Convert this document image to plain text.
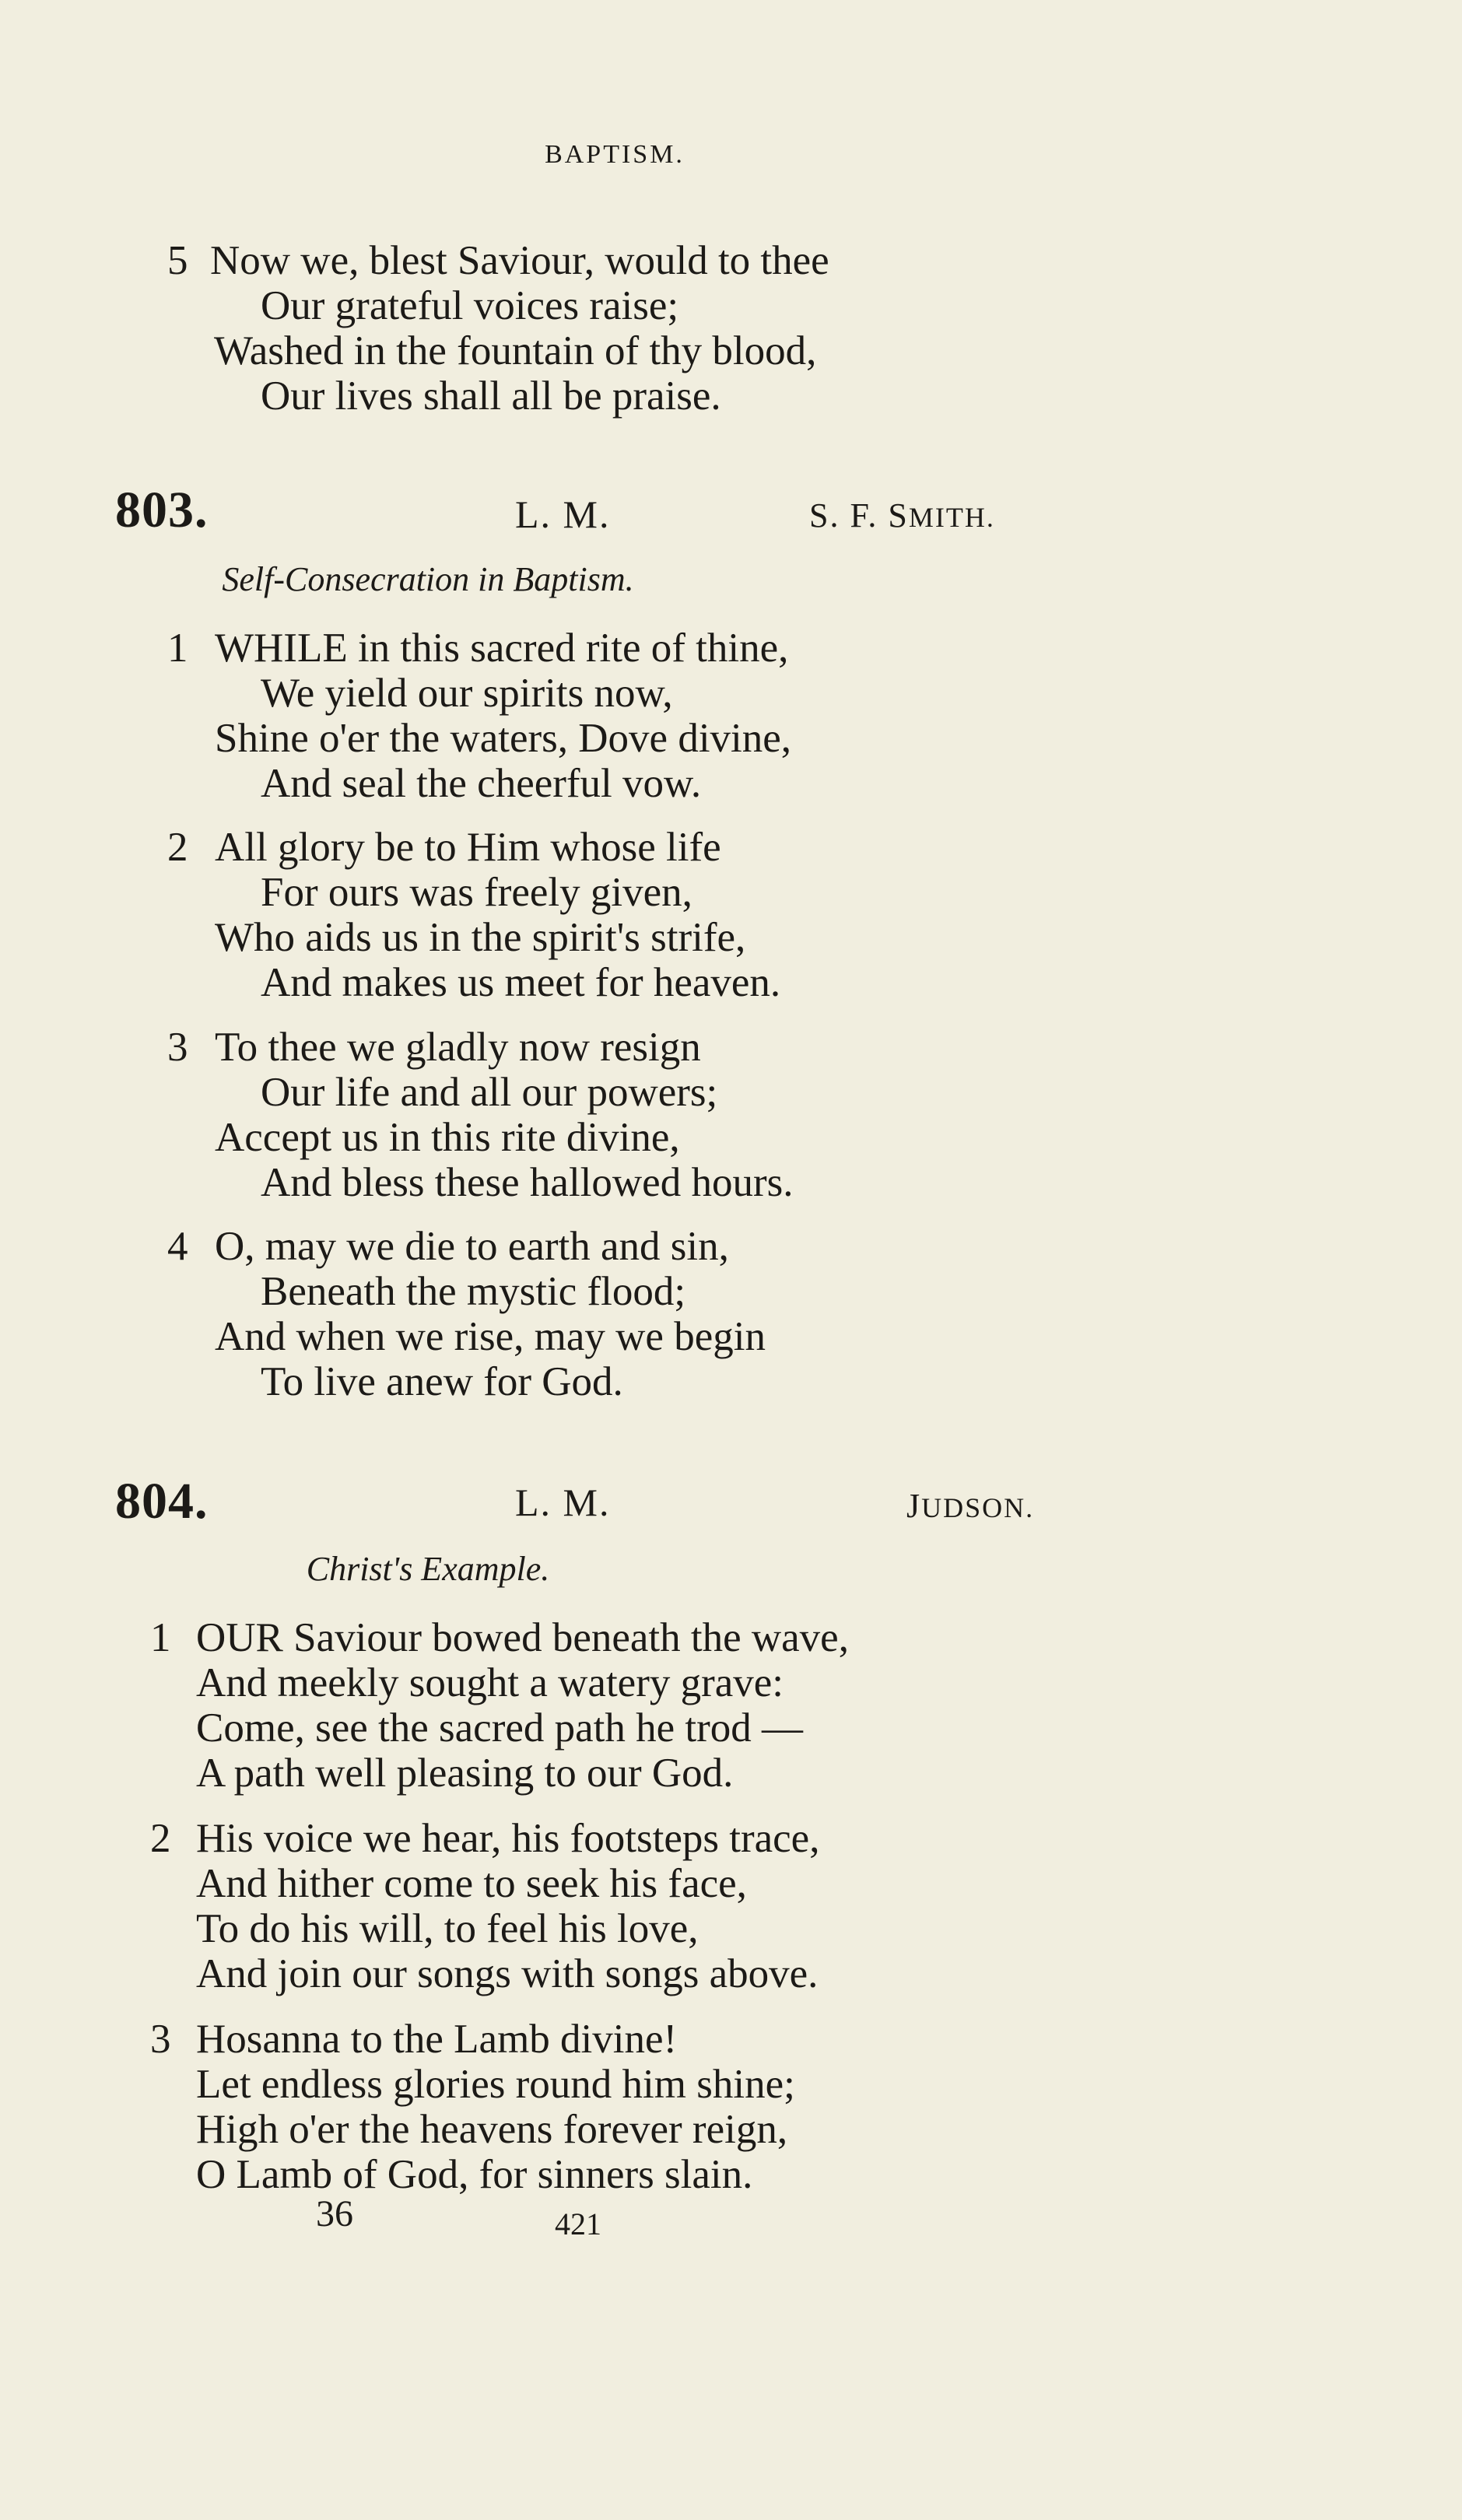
BAPTISM.
5 Now we, blest Saviour, would to thee
Our grateful voices raise;
Washed in the fountain of thy blood,
Our lives shall all be praise.
803.	L. M.	S. F. SMITH.
Self-Consecration in Baptism.
1 WHILE in this sacred rite of thine,
We yield our spirits now,
Shine o'er the waters, Dove divine,
And seal the cheerful vow.
2 All glory be to Him whose life
For ours was freely given,
Who aids us in the spirit's strife,
And makes us meet for heaven.
3 To thee we gladly now resign
Our life and all our powers;
Accept us in this rite divine,
And bless these hallowed hours.
4 O, may we die to earth and sin,
Beneath the mystic flood;
And when we rise, may we begin
To live anew for God.
804.	L. M.	JUDSON.
Christ's Example.
1 OUR Saviour bowed beneath the wave,
And meekly sought a watery grave:
Come, see the sacred path he trod —
A path well pleasing to our God.
2 His voice we hear, his footsteps trace,
And hither come to seek his face,
To do his will, to feel his love,
And join our songs with songs above.
3 Hosanna to the Lamb divine!
Let endless glories round him shine;
High o'er the heavens forever reign,
O Lamb of God, for sinners slain.
36	421
